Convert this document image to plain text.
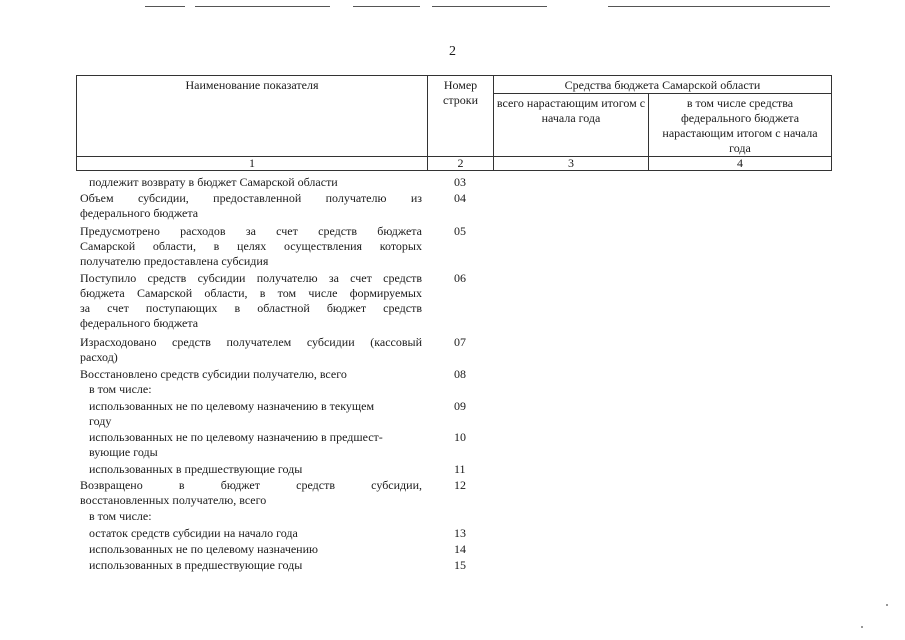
2
Наименование показателя	Номер строки	Средства бюджета Самарской области	
		всего нарастающим итогом с начала года	в том числе средства федерального бюджета нарастающим итогом с начала года
1	2	3	4
подлежит возврату в бюджет Самарской области	03
Объем субсидии, предоставленной получателю из
федерального бюджета
04
Предусмотрено расходов за счет средств бюджета
Самарской области, в целях осуществления которых
получателю предоставлена субсидия
05
Поступило средств субсидии получателю за счет средств
бюджета Самарской области, в том числе формируемых
за счет поступающих в областной бюджет средств
федерального бюджета
06
Израсходовано средств получателем субсидии (кассовый
расход)
07
Восстановлено средств субсидии получателю, всего
в том числе:
08
использованных не по целевому назначению в текущем
году
09
использованных не по целевому назначению в предшест-
вующие годы
10
использованных в предшествующие годы	11
Возвращено в бюджет средств субсидии,
восстановленных получателю, всего
в том числе:
12
остаток средств субсидии на начало года	13
использованных не по целевому назначению	14
использованных в предшествующие годы	15
